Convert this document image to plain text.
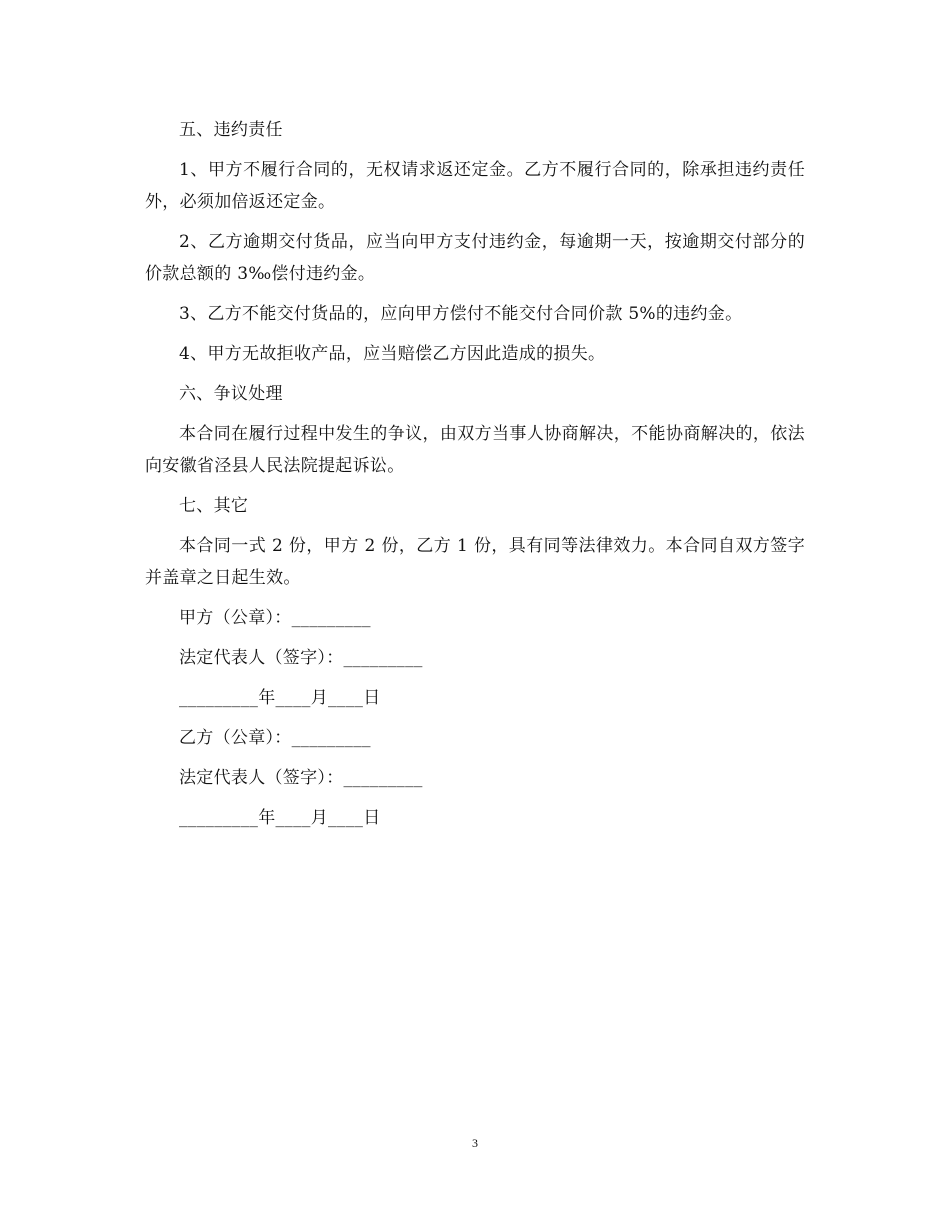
五、违约责任

1、甲方不履行合同的，无权请求返还定金。乙方不履行合同的，除承担违约责任外，必须加倍返还定金。

2、乙方逾期交付货品，应当向甲方支付违约金，每逾期一天，按逾期交付部分的价款总额的 3‰偿付违约金。

3、乙方不能交付货品的，应向甲方偿付不能交付合同价款 5%的违约金。

4、甲方无故拒收产品，应当赔偿乙方因此造成的损失。

六、争议处理

本合同在履行过程中发生的争议，由双方当事人协商解决，不能协商解决的，依法向安徽省泾县人民法院提起诉讼。

七、其它

本合同一式 2 份，甲方 2 份，乙方 1 份，具有同等法律效力。本合同自双方签字并盖章之日起生效。

甲方（公章）：_________

法定代表人（签字）：_________

_________年____月____日

乙方（公章）：_________

法定代表人（签字）：_________

_________年____月____日

3
